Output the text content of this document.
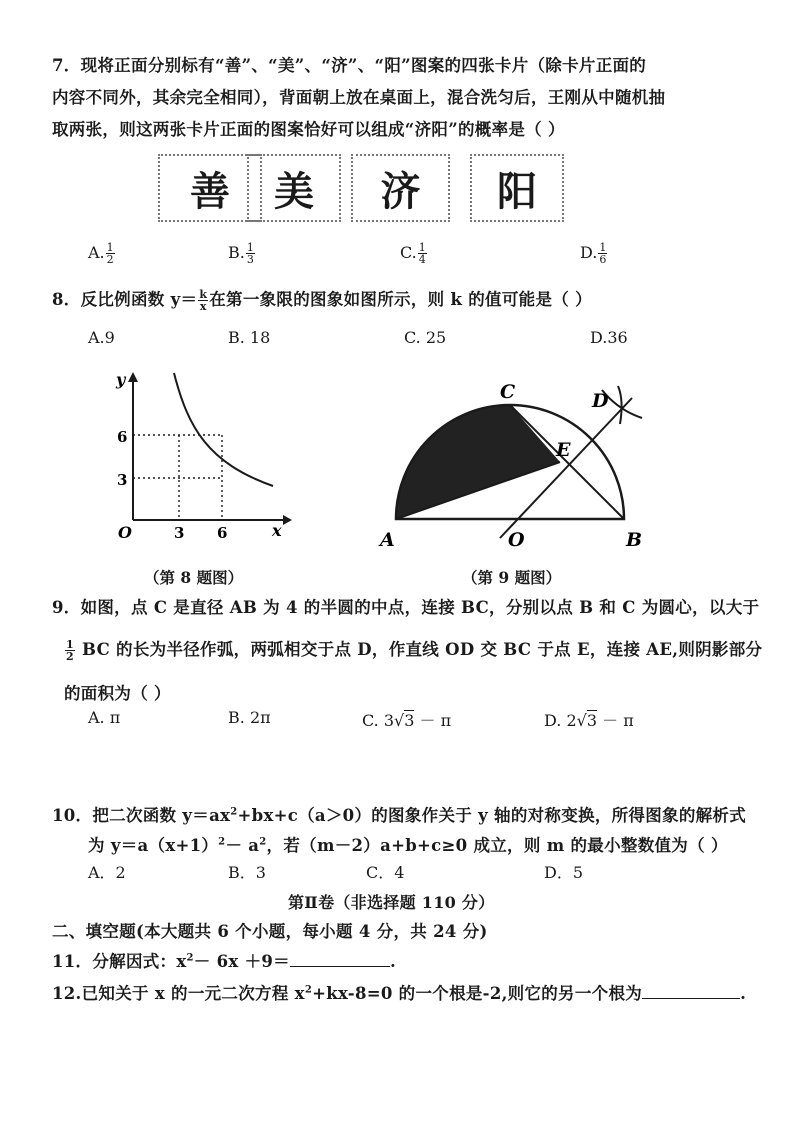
7．现将正面分别标有“善”、“美”、“济”、“阳”图案的四张卡片（除卡片正面的
内容不同外，其余完全相同），背面朝上放在桌面上，混合洗匀后，王刚从中随机抽
取两张，则这两张卡片正面的图案恰好可以组成“济阳”的概率是（ ）
善	美	济	阳
A. $\frac{1}{2}$	B. $\frac{1}{3}$	C. $\frac{1}{4}$	D. $\frac{1}{6}$
8．反比例函数 $y= \frac{k}{x}$ 在第一象限的图象如图所示，则 k 的值可能是（ ）
A.9	B. 18	C. 25	D.36
y
x
O
6
3
3 6	A	O	B
C	D
E
（第 8 题图）	（第 9 题图）
9．如图，点 C 是直径 AB 为 4 的半圆的中点，连接 BC，分别以点 B 和 C 为圆心，以大于
$\frac{1}{2}$ BC 的长为半径作弧，两弧相交于点 D，作直线 OD 交 BC 于点 E，连接 AE,则阴影部分
的面积为（ ）
A. π	B. 2π	C. 3√3 － π	D. 2√3 － π
10．把二次函数 $y=ax^2+bx+c(a>0)$的图象作关于 y 轴的对称变换，所得图象的解析式
为 $y=a(x+1)^2- a^2$，若（m－2）a+b+c≥0 成立，则 m 的最小整数值为（ ）
A．2	B．3	C．4	D．5
第Ⅱ卷（非选择题 110 分）
二、填空题(本大题共 6 个小题，每小题 4 分，共 24 分)
11．分解因式：$x^2- 6x +9=$	.
12.已知关于 x 的一元二次方程 $x^2+kx-8=0$ 的一个根是-2,则它的另一个根为	.
